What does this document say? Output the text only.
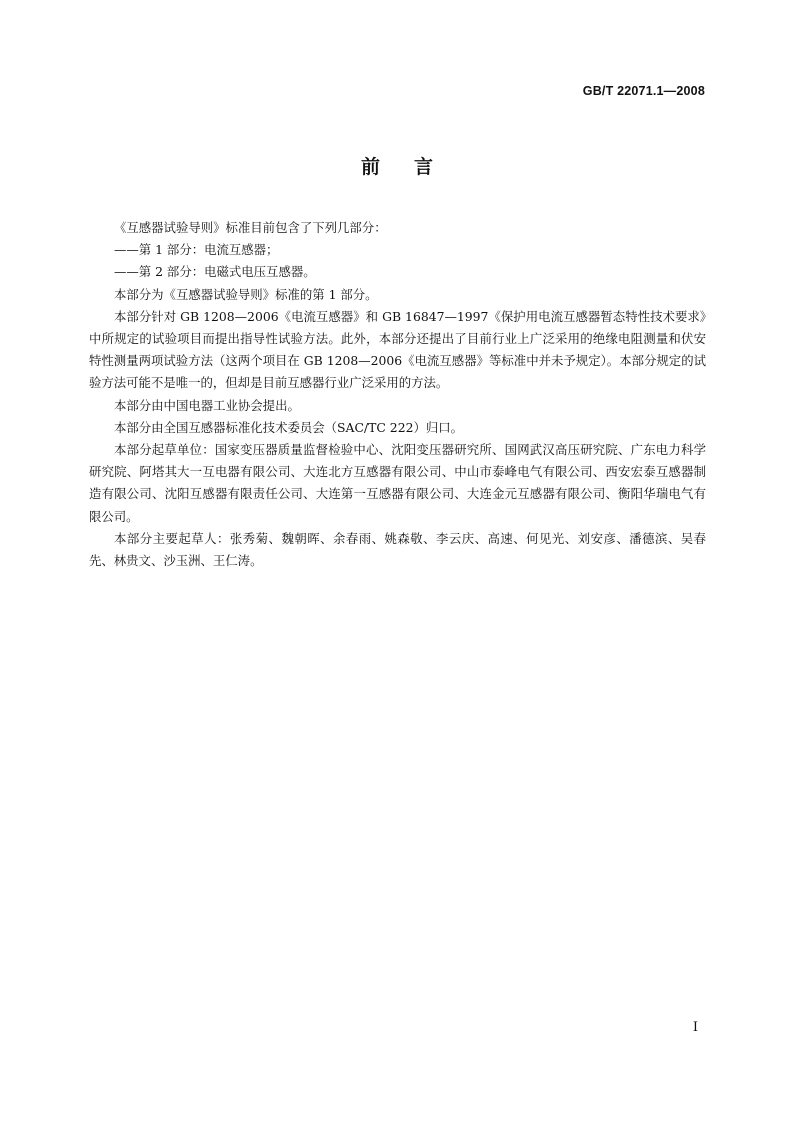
GB/T 22071.1—2008
前言

《互感器试验导则》标准目前包含了下列几部分：

——第 1 部分：电流互感器；

——第 2 部分：电磁式电压互感器。

本部分为《互感器试验导则》标准的第 1 部分。

本部分针对 GB 1208—2006《电流互感器》和 GB 16847—1997《保护用电流互感器暂态特性技术要求》中所规定的试验项目而提出指导性试验方法。此外，本部分还提出了目前行业上广泛采用的绝缘电阻测量和伏安特性测量两项试验方法（这两个项目在 GB 1208—2006《电流互感器》等标准中并未予规定）。本部分规定的试验方法可能不是唯一的，但却是目前互感器行业广泛采用的方法。

本部分由中国电器工业协会提出。

本部分由全国互感器标准化技术委员会（SAC/TC 222）归口。

本部分起草单位：国家变压器质量监督检验中心、沈阳变压器研究所、国网武汉高压研究院、广东电力科学研究院、阿塔其大一互电器有限公司、大连北方互感器有限公司、中山市泰峰电气有限公司、西安宏泰互感器制造有限公司、沈阳互感器有限责任公司、大连第一互感器有限公司、大连金元互感器有限公司、衡阳华瑞电气有限公司。

本部分主要起草人：张秀菊、魏朝晖、余春雨、姚森敬、李云庆、高速、何见光、刘安彦、潘德滨、吴春先、林贵文、沙玉洲、王仁涛。

I
